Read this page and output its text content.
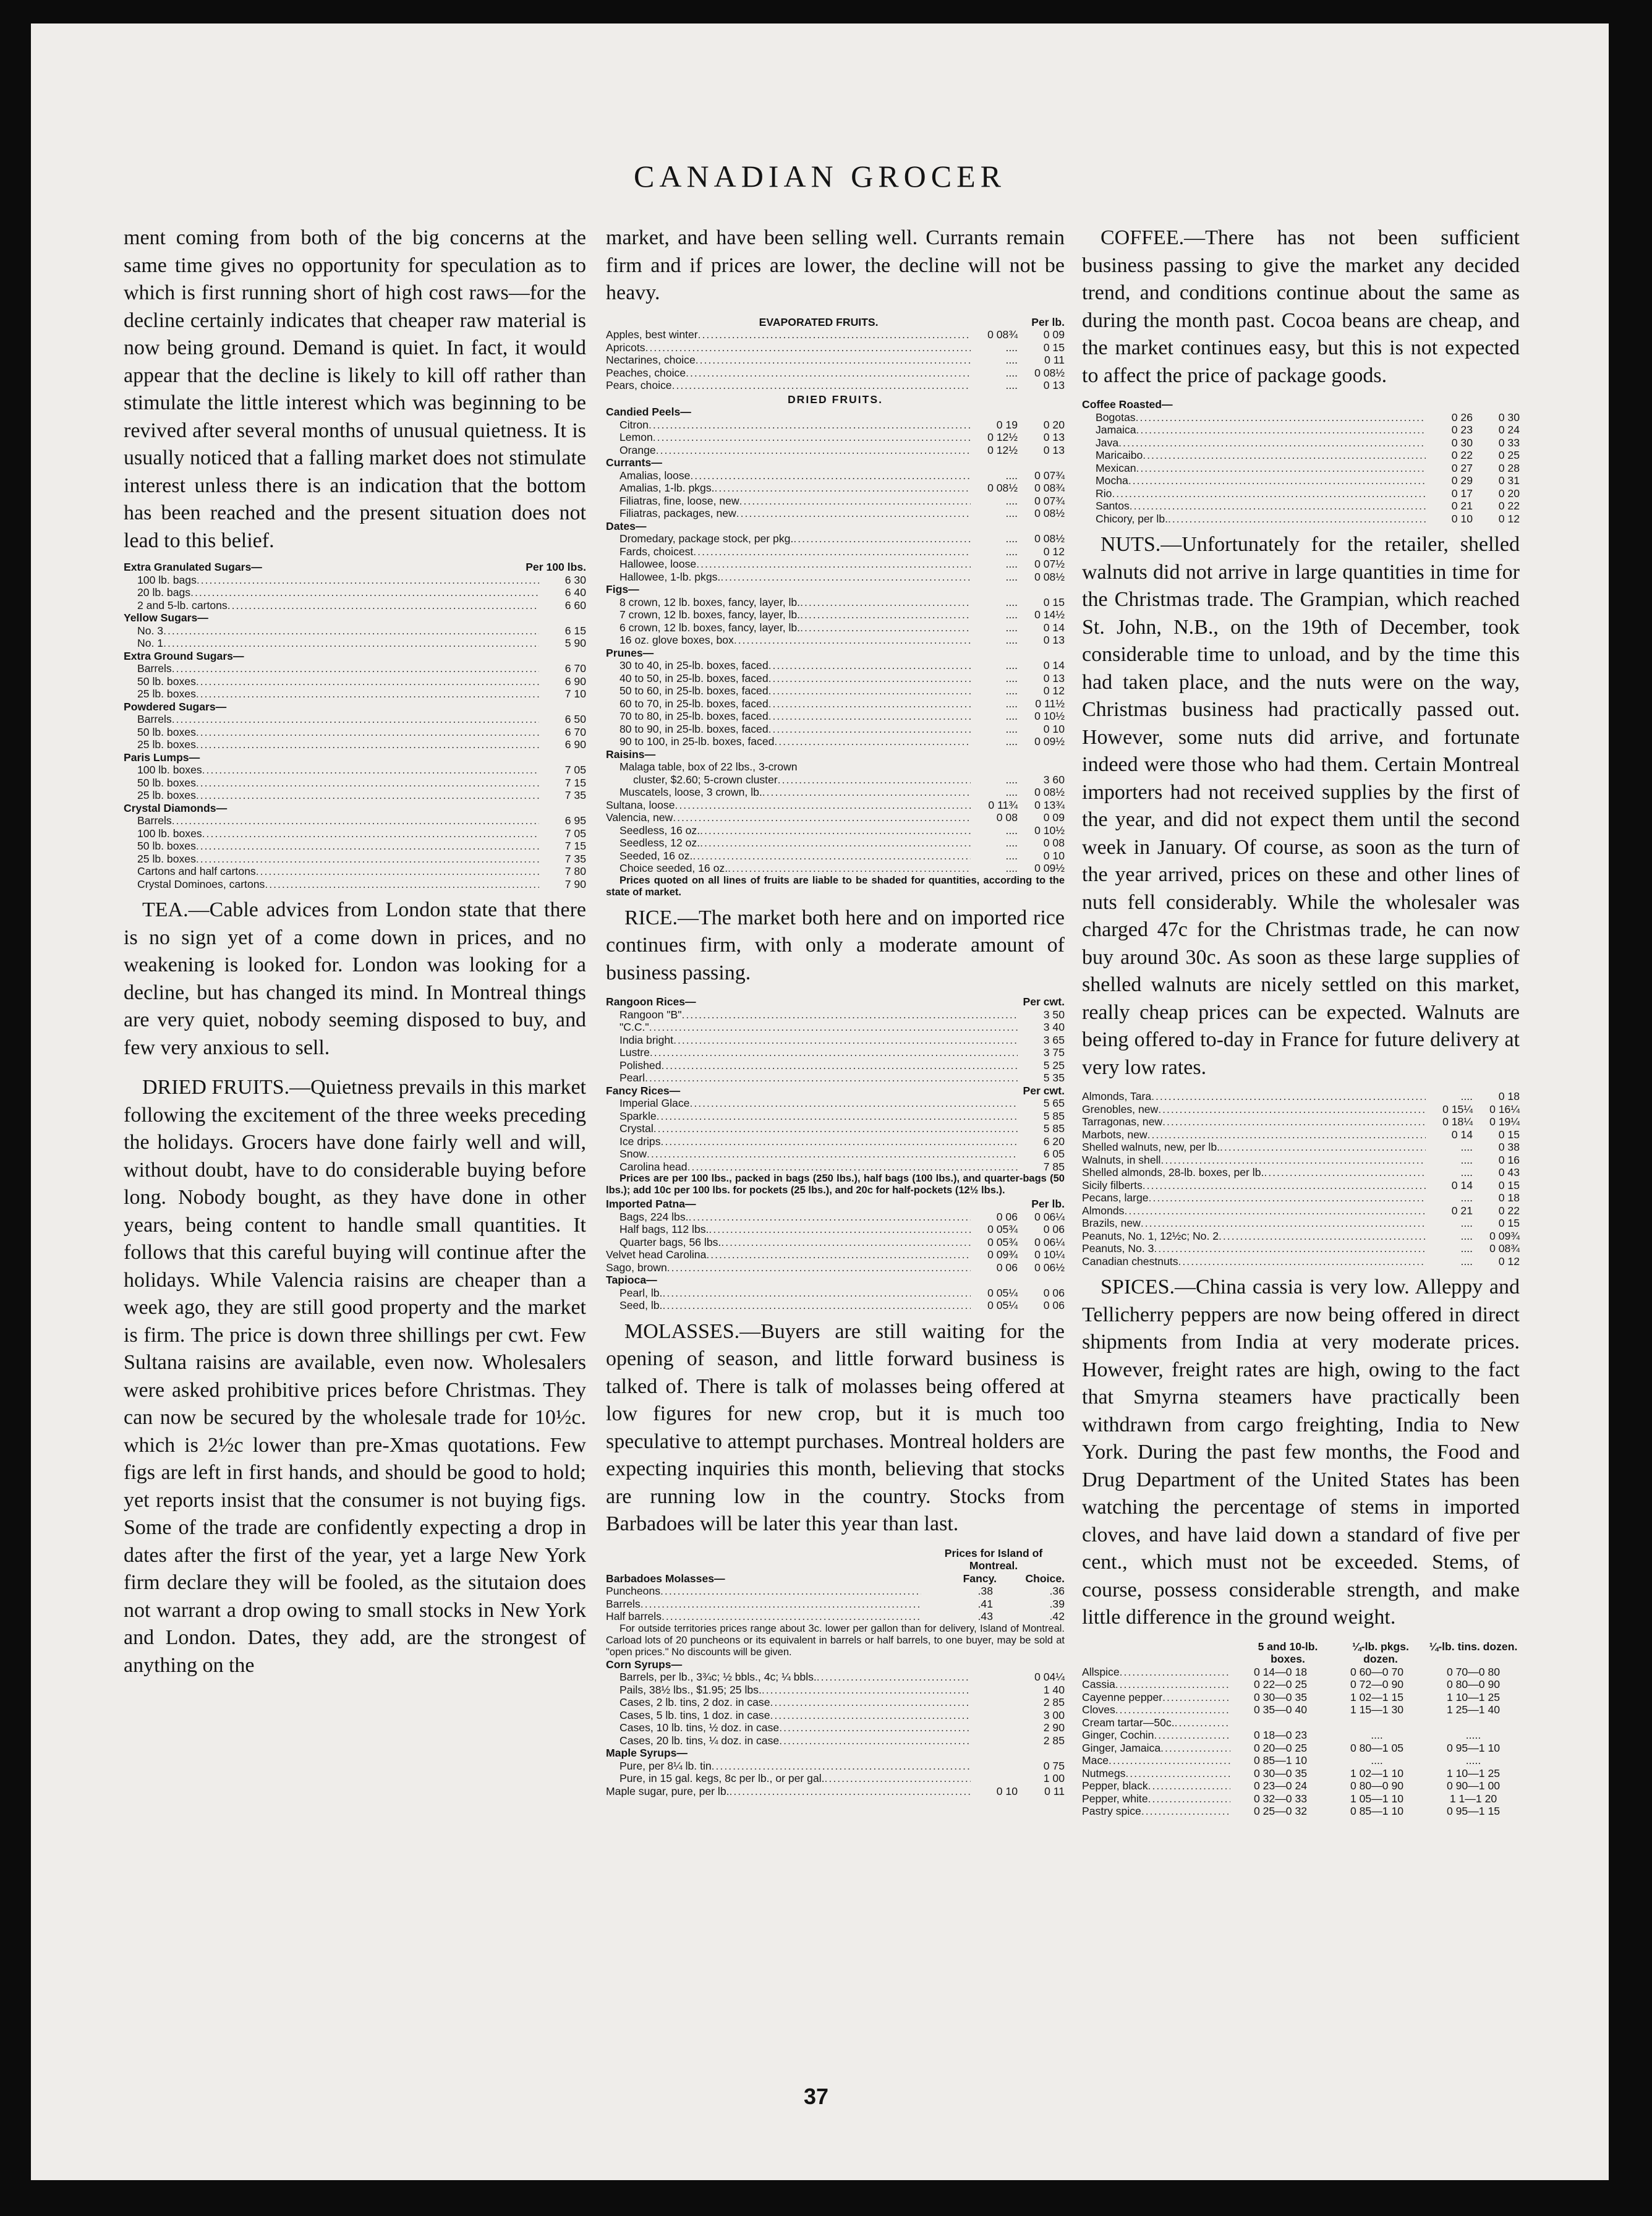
CANADIAN GROCER

ment coming from both of the big concerns at the same time gives no opportunity for speculation as to which is first running short of high cost raws—for the decline certainly indicates that cheaper raw material is now being ground. Demand is quiet. In fact, it would appear that the decline is likely to kill off rather than stimulate the little interest which was beginning to be revived after several months of unusual quietness. It is usually noticed that a falling market does not stimulate interest unless there is an indication that the bottom has been reached and the present situation does not lead to this belief.

Per 100 lbs.
Extra Granulated Sugars—
100 lb. bags .....	6 30
20 lb. bags .....	6 40
2 and 5-lb. cartons .....	6 60
Yellow Sugars—
No. 3 .....	6 15
No. 1 .....	5 90
Extra Ground Sugars—
Barrels .....	6 70
50 lb. boxes .....	6 90
25 lb. boxes .....	7 10
Powdered Sugars—
Barrels .....	6 50
50 lb. boxes .....	6 70
25 lb. boxes .....	6 90
Paris Lumps—
100 lb. boxes .....	7 05
50 lb. boxes .....	7 15
25 lb. boxes .....	7 35
Crystal Diamonds—
Barrels .....	6 95
100 lb. boxes .....	7 05
50 lb. boxes .....	7 15
25 lb. boxes .....	7 35
Cartons and half cartons .....	7 80
Crystal Dominoes, cartons .....	7 90

TEA.—Cable advices from London state that there is no sign yet of a come down in prices, and no weakening is looked for. London was looking for a decline, but has changed its mind. In Montreal things are very quiet, nobody seeming disposed to buy, and few very anxious to sell.

DRIED FRUITS.—Quietness prevails in this market following the excitement of the three weeks preceding the holidays. Grocers have done fairly well and will, without doubt, have to do considerable buying before long. Nobody bought, as they have done in other years, being content to handle small quantities. It follows that this careful buying will continue after the holidays. While Valencia raisins are cheaper than a week ago, they are still good property and the market is firm. The price is down three shillings per cwt. Few Sultana raisins are available, even now. Wholesalers were asked prohibitive prices before Christmas. They can now be secured by the wholesale trade for 10½c. which is 2½c lower than pre-Xmas quotations. Few figs are left in first hands, and should be good to hold; yet reports insist that the consumer is not buying figs. Some of the trade are confidently expecting a drop in dates after the first of the year, yet a large New York firm declare they will be fooled, as the situtaion does not warrant a drop owing to small stocks in New York and London. Dates, they add, are the strongest of anything on the

market, and have been selling well. Currants remain firm and if prices are lower, the decline will not be heavy.

EVAPORATED FRUITS.	Per lb.
Apples, best winter .....	0 08¾	0 09
Apricots .....	....	0 15
Nectarines, choice .....	....	0 11
Peaches, choice .....	....	0 08½
Pears, choice .....	....	0 13
DRIED FRUITS.
Candied Peels—
Citron .....	0 19	0 20
Lemon .....	0 12½	0 13
Orange .....	0 12½	0 13
Currants—
Amalias, loose .....	....	0 07¾
Amalias, 1-lb. pkgs. .....	0 08½	0 08¾
Filiatras, fine, loose, new .....	....	0 07¾
Filiatras, packages, new .....	....	0 08½
Dates—
Dromedary, package stock, per pkg. .....	....	0 08½
Fards, choicest .....	....	0 12
Hallowee, loose .....	....	0 07½
Hallowee, 1-lb. pkgs. .....	....	0 08½
Figs—
8 crown, 12 lb. boxes, fancy, layer, lb. .....	....	0 15
7 crown, 12 lb. boxes, fancy, layer, lb. .....	....	0 14½
6 crown, 12 lb. boxes, fancy, layer, lb. .....	....	0 14
16 oz. glove boxes, box .....	....	0 13
Prunes—
30 to 40, in 25-lb. boxes, faced .....	....	0 14
40 to 50, in 25-lb. boxes, faced .....	....	0 13
50 to 60, in 25-lb. boxes, faced .....	....	0 12
60 to 70, in 25-lb. boxes, faced .....	....	0 11½
70 to 80, in 25-lb. boxes, faced .....	....	0 10½
80 to 90, in 25-lb. boxes, faced .....	....	0 10
90 to 100, in 25-lb. boxes, faced .....	....	0 09½
Raisins—
Malaga table, box of 22 lbs., 3-crown
cluster, $2.60; 5-crown cluster .....	....	3 60
Muscatels, loose, 3 crown, lb. .....	....	0 08½
Sultana, loose .....	0 11¾	0 13¾
Valencia, new .....	0 08	0 09
Seedless, 16 oz. .....	....	0 10½
Seedless, 12 oz. .....	....	0 08
Seeded, 16 oz. .....	....	0 10
Choice seeded, 16 oz. .....	....	0 09½
Prices quoted on all lines of fruits are liable to be shaded for quantities, according to the state of market.

RICE.—The market both here and on imported rice continues firm, with only a moderate amount of business passing.

Per cwt.
Rangoon Rices—
Rangoon "B" .....	3 50
"C.C." .....	3 40
India bright .....	3 65
Lustre .....	3 75
Polished .....	5 25
Pearl .....	5 35
Per cwt.
Fancy Rices—
Imperial Glace .....	5 65
Sparkle .....	5 85
Crystal .....	5 85
Ice drips .....	6 20
Snow .....	6 05
Carolina head .....	7 85
Prices are per 100 lbs., packed in bags (250 lbs.), half bags (100 lbs.), and quarter-bags (50 lbs.); add 10c per 100 lbs. for pockets (25 lbs.), and 20c for half-pockets (12½ lbs.).
Per lb.
Imported Patna—
Bags, 224 lbs. .....	0 06	0 06¼
Half bags, 112 lbs. .....	0 05¾	0 06
Quarter bags, 56 lbs. .....	0 05¾	0 06¼
Velvet head Carolina .....	0 09¾	0 10¼
Sago, brown .....	0 06	0 06½
Tapioca—
Pearl, lb. .....	0 05¼	0 06
Seed, lb. .....	0 05¼	0 06

MOLASSES.—Buyers are still waiting for the opening of season, and little forward business is talked of. There is talk of molasses being offered at low figures for new crop, but it is much too speculative to attempt purchases. Montreal holders are expecting inquiries this month, believing that stocks are running low in the country. Stocks from Barbadoes will be later this year than last.

Prices for Island of Montreal.
Barbadoes Molasses—	Fancy.	Choice.
Puncheons .....	.38	.36
Barrels .....	.41	.39
Half barrels .....	.43	.42
For outside territories prices range about 3c. lower per gallon than for delivery, Island of Montreal. Carload lots of 20 puncheons or its equivalent in barrels or half barrels, to one buyer, may be sold at "open prices." No discounts will be given.
Corn Syrups—
Barrels, per lb., 3¾c; ½ bbls., 4c; ¼ bbls. .....	0 04¼
Pails, 38½ lbs., $1.95; 25 lbs. .....	1 40
Cases, 2 lb. tins, 2 doz. in case .....	2 85
Cases, 5 lb. tins, 1 doz. in case .....	3 00
Cases, 10 lb. tins, ½ doz. in case .....	2 90
Cases, 20 lb. tins, ¼ doz. in case .....	2 85
Maple Syrups—
Pure, per 8¼ lb. tin .....	0 75
Pure, in 15 gal. kegs, 8c per lb., or per gal. .....	1 00
Maple sugar, pure, per lb. .....	0 10	0 11

COFFEE.—There has not been sufficient business passing to give the market any decided trend, and conditions continue about the same as during the month past. Cocoa beans are cheap, and the market continues easy, but this is not expected to affect the price of package goods.

Coffee Roasted—
Bogotas .....	0 26	0 30
Jamaica .....	0 23	0 24
Java .....	0 30	0 33
Maricaibo .....	0 22	0 25
Mexican .....	0 27	0 28
Mocha .....	0 29	0 31
Rio .....	0 17	0 20
Santos .....	0 21	0 22
Chicory, per lb. .....	0 10	0 12

NUTS.—Unfortunately for the retailer, shelled walnuts did not arrive in large quantities in time for the Christmas trade. The Grampian, which reached St. John, N.B., on the 19th of December, took considerable time to unload, and by the time this had taken place, and the nuts were on the way, Christmas business had practically passed out. However, some nuts did arrive, and fortunate indeed were those who had them. Certain Montreal importers had not received supplies by the first of the year, and did not expect them until the second week in January. Of course, as soon as the turn of the year arrived, prices on these and other lines of nuts fell considerably. While the wholesaler was charged 47c for the Christmas trade, he can now buy around 30c. As soon as these large supplies of shelled walnuts are nicely settled on this market, really cheap prices can be expected. Walnuts are being offered to-day in France for future delivery at very low rates.

Almonds, Tara .....	....	0 18
Grenobles, new .....	0 15¼	0 16¼
Tarragonas, new .....	0 18¼	0 19¼
Marbots, new .....	0 14	0 15
Shelled walnuts, new, per lb. .....	....	0 38
Walnuts, in shell .....	....	0 16
Shelled almonds, 28-lb. boxes, per lb. .....	....	0 43
Sicily filberts .....	0 14	0 15
Pecans, large .....	....	0 18
Almonds .....	0 21	0 22
Brazils, new .....	....	0 15
Peanuts, No. 1, 12½c; No. 2 .....	....	0 09¾
Peanuts, No. 3 .....	....	0 08¾
Canadian chestnuts .....	....	0 12

SPICES.—China cassia is very low. Alleppy and Tellicherry peppers are now being offered in direct shipments from India at very moderate prices. However, freight rates are high, owing to the fact that Smyrna steamers have practically been withdrawn from cargo freighting, India to New York. During the past few months, the Food and Drug Department of the United States has been watching the percentage of stems in imported cloves, and have laid down a standard of five per cent., which must not be exceeded. Stems, of course, possess considerable strength, and make little difference in the ground weight.

5 and 10-lb. boxes.
¼-lb. pkgs. dozen.
¼-lb. tins. dozen.
Allspice .....	0 14—0 18	0 60—0 70	0 70—0 80
Cassia .....	0 22—0 25	0 72—0 90	0 80—0 90
Cayenne pepper .....	0 30—0 35	1 02—1 15	1 10—1 25
Cloves .....	0 35—0 40	1 15—1 30	1 25—1 40
Cream tartar—50c.
.....
Ginger, Cochin .....	0 18—0 23	....	.....
Ginger, Jamaica .....	0 20—0 25	0 80—1 05	0 95—1 10
Mace .....	0 85—1 10	....	.....
Nutmegs .....	0 30—0 35	1 02—1 10	1 10—1 25
Pepper, black .....	0 23—0 24	0 80—0 90	0 90—1 00
Pepper, white .....	0 32—0 33	1 05—1 10	1 1—1 20
Pastry spice .....	0 25—0 32	0 85—1 10	0 95—1 15
37
